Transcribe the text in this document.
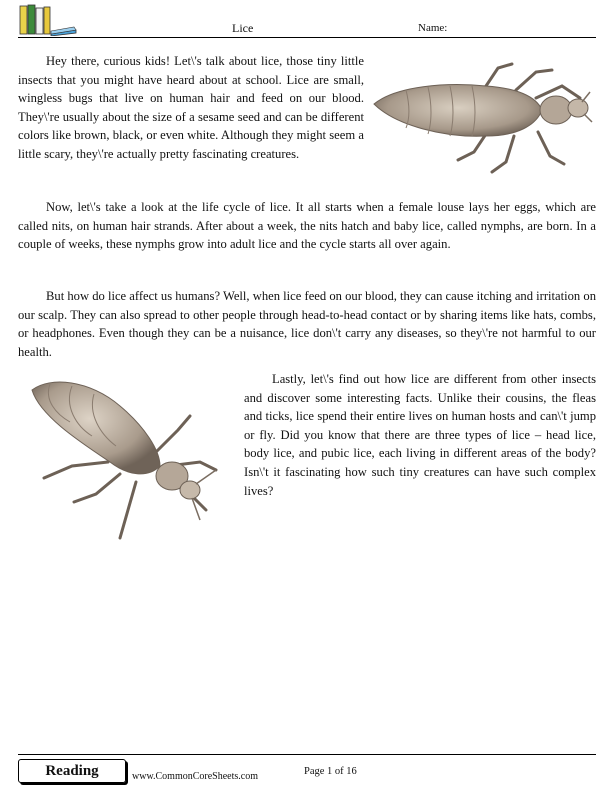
Lice	Name:

Hey there, curious kids! Let\'s talk about lice, those tiny little insects that you might have heard about at school. Lice are small, wingless bugs that live on human hair and feed on our blood. They\'re usually about the size of a sesame seed and can be different colors like brown, black, or even white. Although they might seem a little scary, they\'re actually pretty fascinating creatures.

Now, let\'s take a look at the life cycle of lice. It all starts when a female louse lays her eggs, which are called nits, on human hair strands. After about a week, the nits hatch and baby lice, called nymphs, are born. In a couple of weeks, these nymphs grow into adult lice and the cycle starts all over again.

But how do lice affect us humans? Well, when lice feed on our blood, they can cause itching and irritation on our scalp. They can also spread to other people through head-to-head contact or by sharing items like hats, combs, or headphones. Even though they can be a nuisance, lice don\'t carry any diseases, so they\'re not harmful to our health.

Lastly, let\'s find out how lice are different from other insects and discover some interesting facts. Unlike their cousins, the fleas and ticks, lice spend their entire lives on human hosts and can\'t jump or fly. Did you know that there are three types of lice – head lice, body lice, and pubic lice, each living in different areas of the body? Isn\'t it fascinating how such tiny creatures can have such complex lives?

Reading	www.CommonCoreSheets.com	Page 1 of 16
